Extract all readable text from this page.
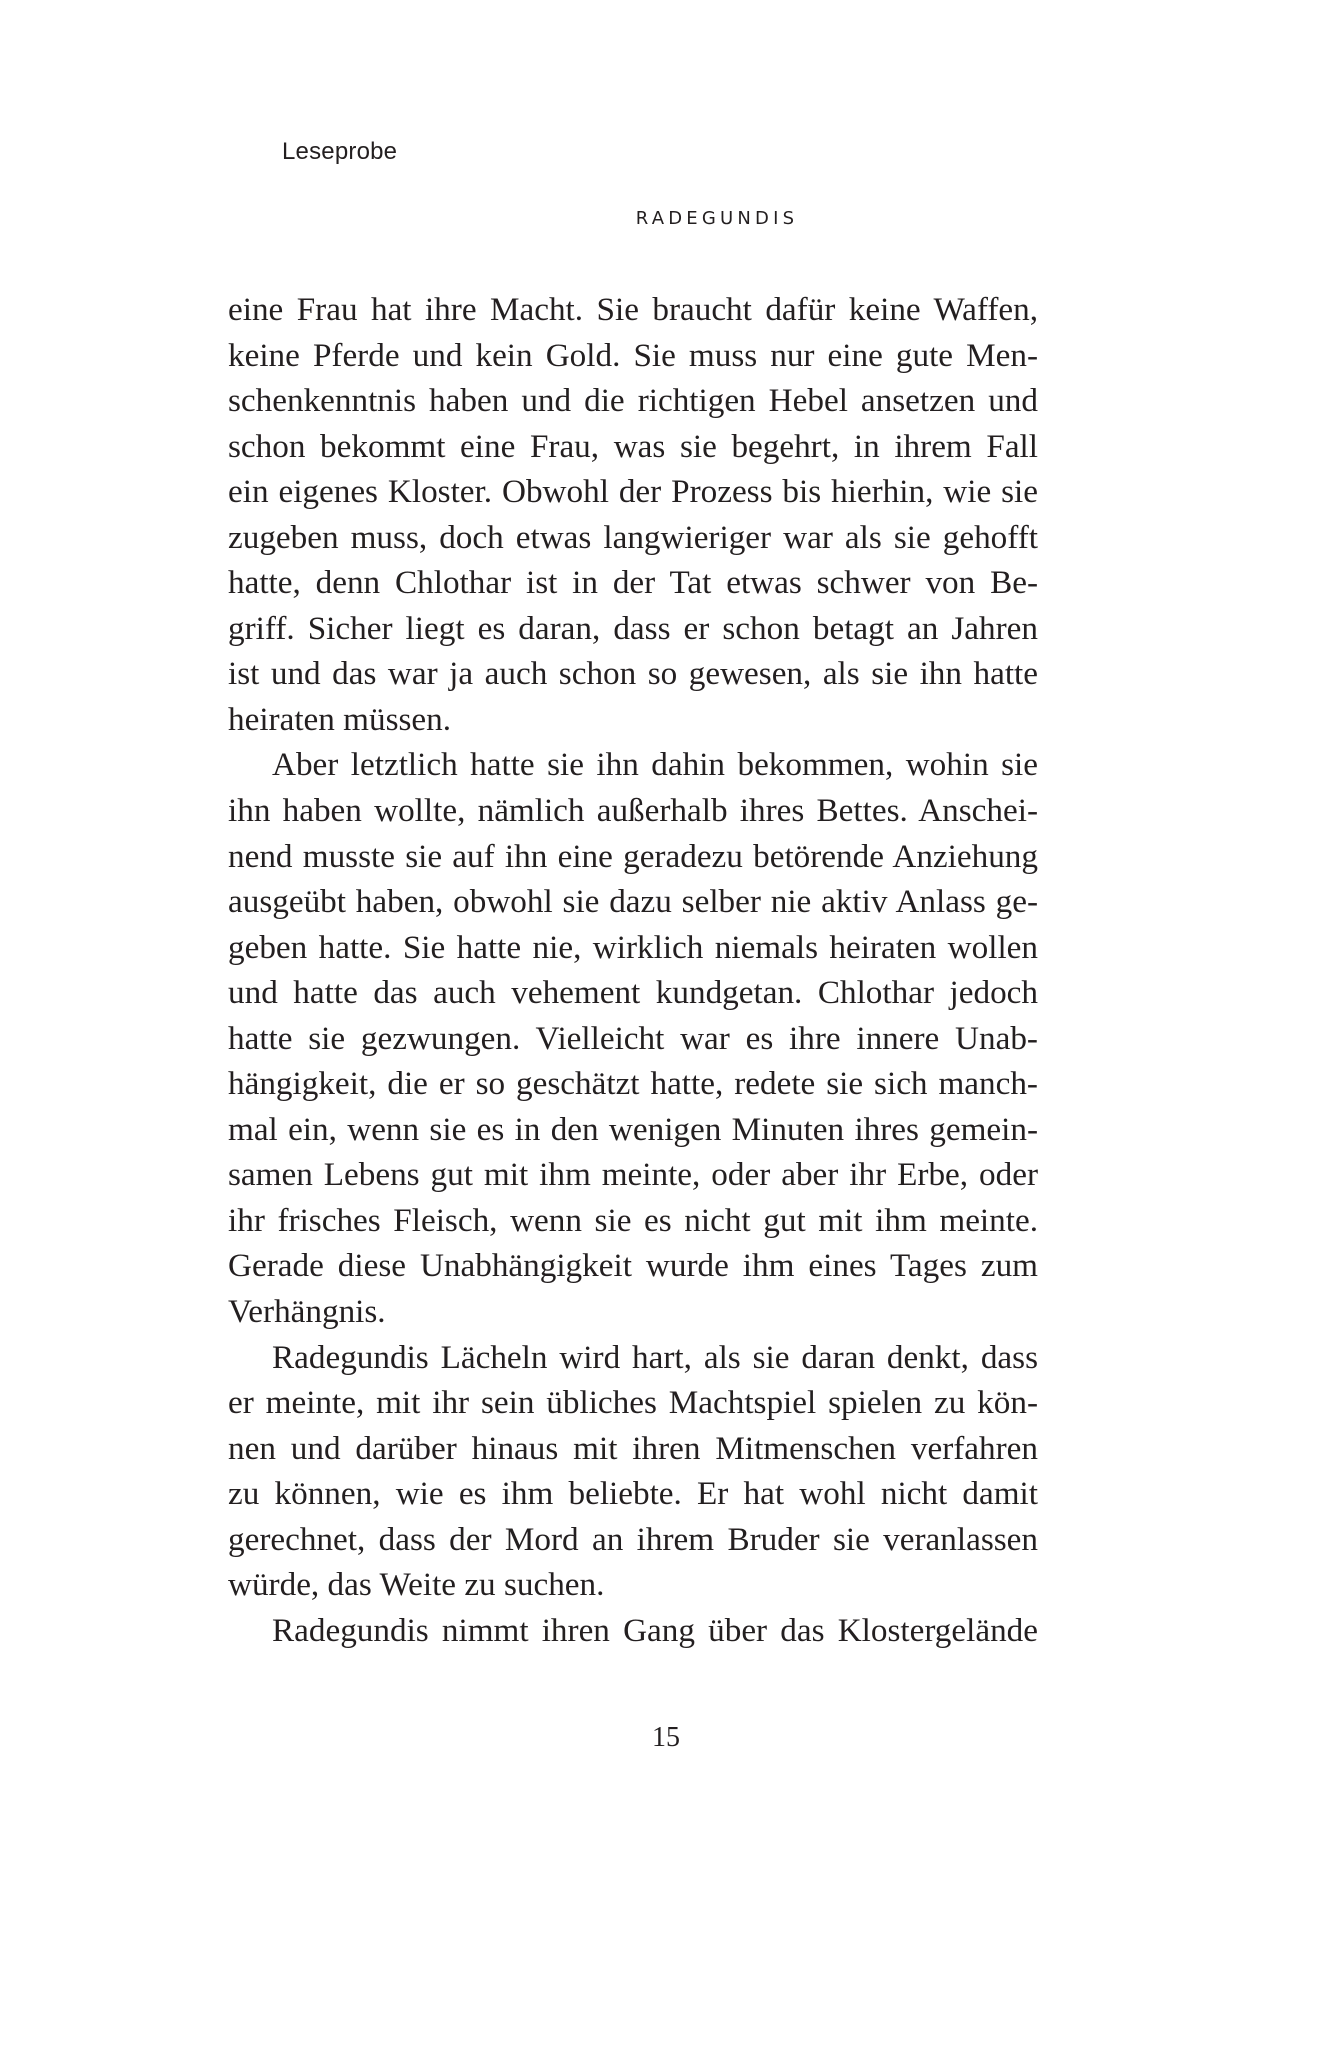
Leseprobe
RADEGUNDIS
eine Frau hat ihre Macht. Sie braucht dafür keine Waffen,
keine Pferde und kein Gold. Sie muss nur eine gute Men-
schenkenntnis haben und die richtigen Hebel ansetzen und
schon bekommt eine Frau, was sie begehrt, in ihrem Fall
ein eigenes Kloster. Obwohl der Prozess bis hierhin, wie sie
zugeben muss, doch etwas langwieriger war als sie gehofft
hatte, denn Chlothar ist in der Tat etwas schwer von Be-
griff. Sicher liegt es daran, dass er schon betagt an Jahren
ist und das war ja auch schon so gewesen, als sie ihn hatte
heiraten müssen.
Aber letztlich hatte sie ihn dahin bekommen, wohin sie
ihn haben wollte, nämlich außerhalb ihres Bettes. Anschei-
nend musste sie auf ihn eine geradezu betörende Anziehung
ausgeübt haben, obwohl sie dazu selber nie aktiv Anlass ge-
geben hatte. Sie hatte nie, wirklich niemals heiraten wollen
und hatte das auch vehement kundgetan. Chlothar jedoch
hatte sie gezwungen. Vielleicht war es ihre innere Unab-
hängigkeit, die er so geschätzt hatte, redete sie sich manch-
mal ein, wenn sie es in den wenigen Minuten ihres gemein-
samen Lebens gut mit ihm meinte, oder aber ihr Erbe, oder
ihr frisches Fleisch, wenn sie es nicht gut mit ihm meinte.
Gerade diese Unabhängigkeit wurde ihm eines Tages zum
Verhängnis.
Radegundis Lächeln wird hart, als sie daran denkt, dass
er meinte, mit ihr sein übliches Machtspiel spielen zu kön-
nen und darüber hinaus mit ihren Mitmenschen verfahren
zu können, wie es ihm beliebte. Er hat wohl nicht damit
gerechnet, dass der Mord an ihrem Bruder sie veranlassen
würde, das Weite zu suchen.
Radegundis nimmt ihren Gang über das Klostergelände
15
